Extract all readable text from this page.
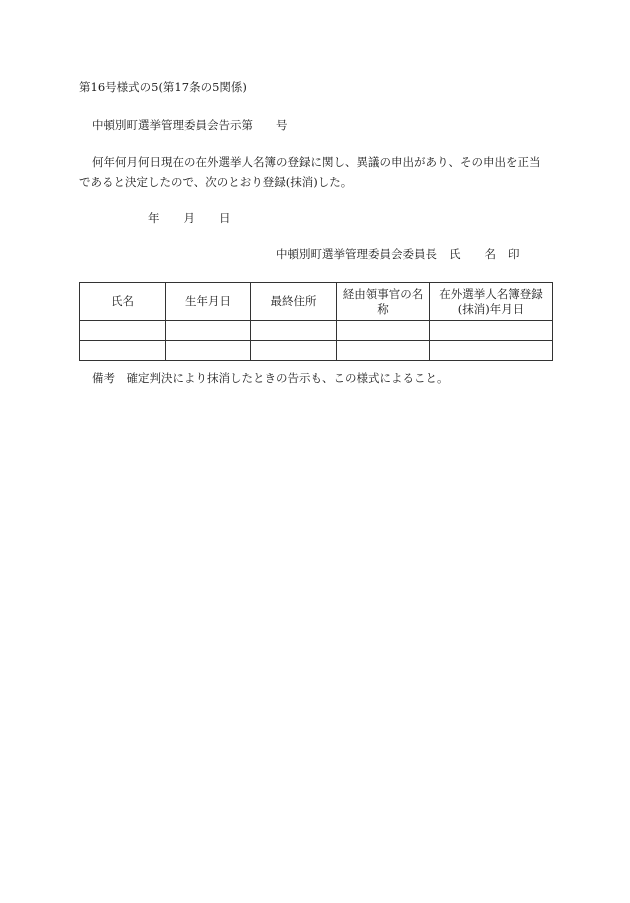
第16号様式の5(第17条の5関係)
中頓別町選挙管理委員会告示第　　号
何年何月何日現在の在外選挙人名簿の登録に関し、異議の申出があり、その申出を正当
であると決定したので、次のとおり登録(抹消)した。
年 月 日
中頓別町選挙管理委員会委員長 氏 名 印
氏名	生年月日	最終住所	経由領事官の名称	在外選挙人名簿登録(抹消)年月日

備考　確定判決により抹消したときの告示も、この様式によること。
